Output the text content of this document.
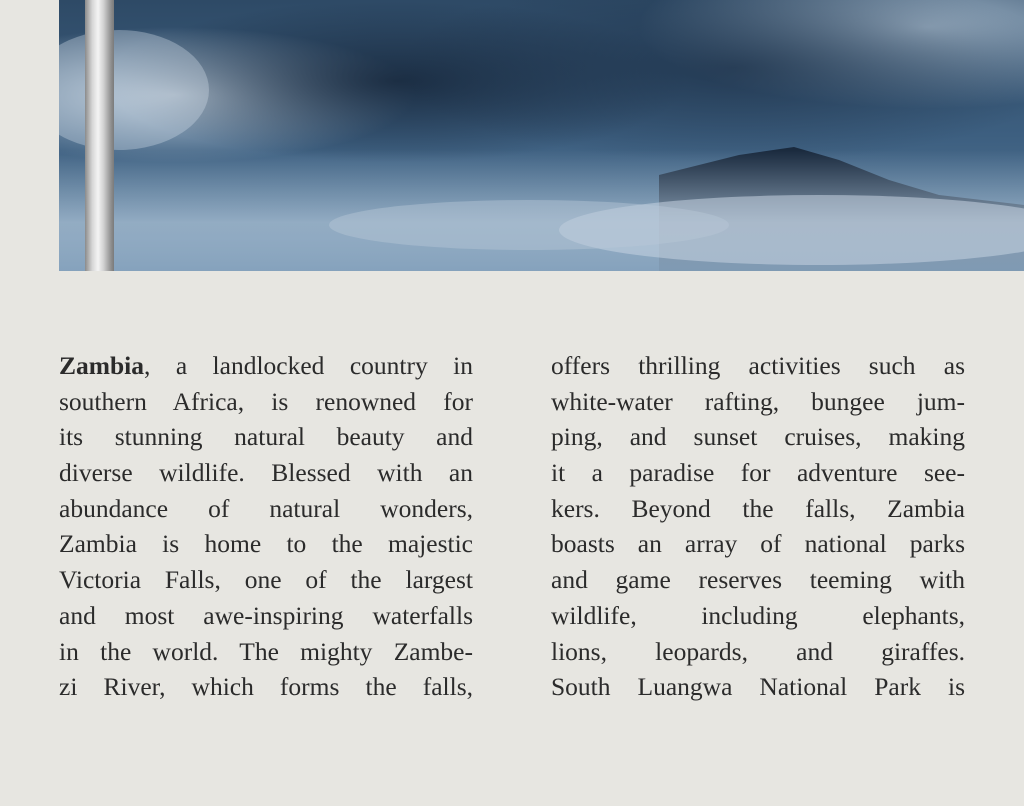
Zambia, a landlocked country in
southern Africa, is renowned for
its stunning natural beauty and
diverse wildlife. Blessed with an
abundance of natural wonders,
Zambia is home to the majestic
Victoria Falls, one of the largest
and most awe-inspiring waterfalls
in the world. The mighty Zambe-
zi River, which forms the falls,
offers thrilling activities such as
white-water rafting, bungee jum-
ping, and sunset cruises, making
it a paradise for adventure see-
kers. Beyond the falls, Zambia
boasts an array of national parks
and game reserves teeming with
wildlife, including elephants,
lions, leopards, and giraffes.
South Luangwa National Park is
